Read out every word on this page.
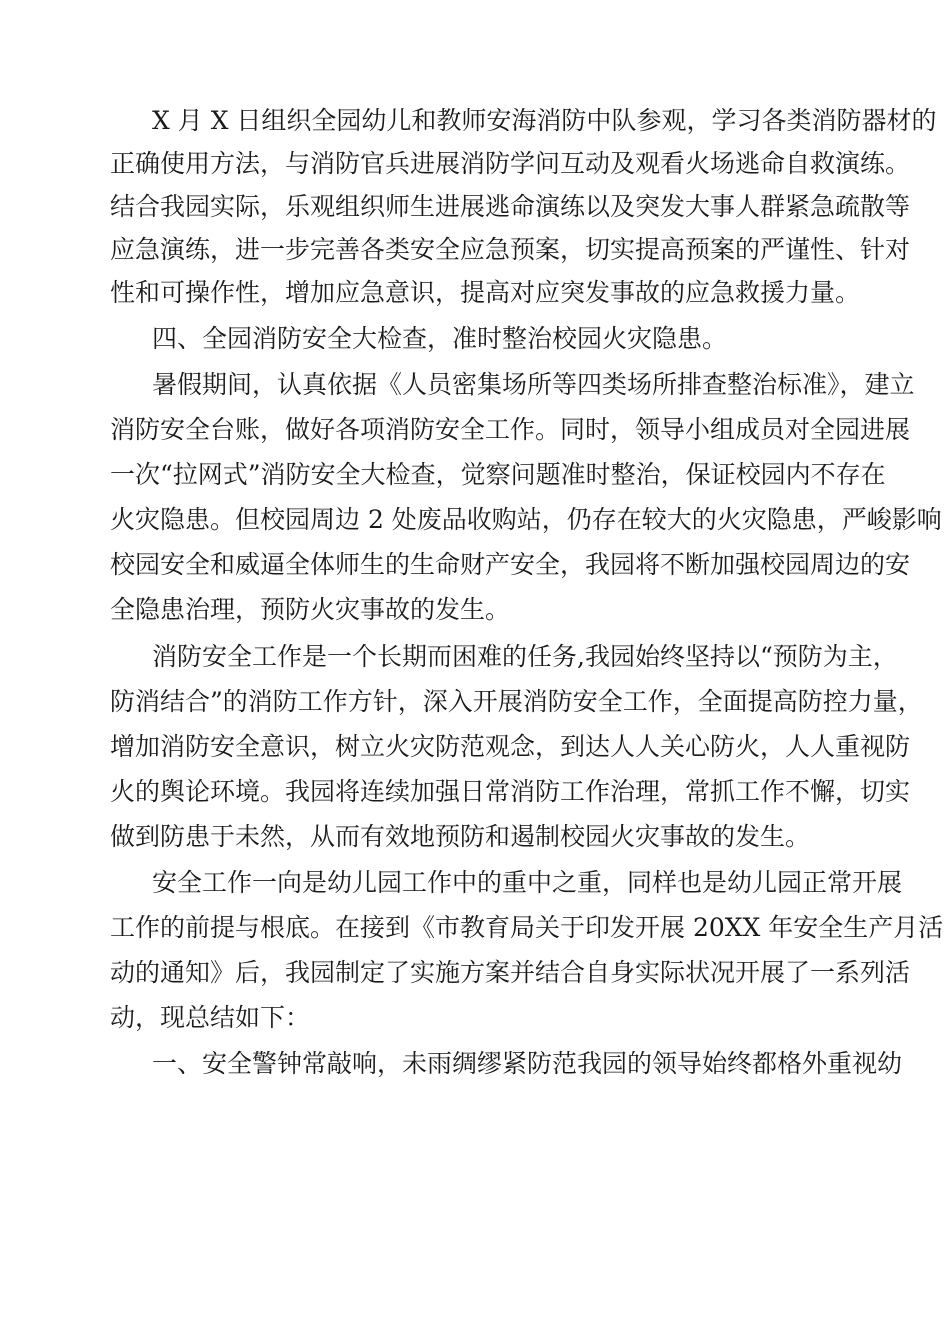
X 月 X 日组织全园幼儿和教师安海消防中队参观，学习各类消防器材的

正确使用方法，与消防官兵进展消防学问互动及观看火场逃命自救演练。

结合我园实际，乐观组织师生进展逃命演练以及突发大事人群紧急疏散等

应急演练，进一步完善各类安全应急预案，切实提高预案的严谨性、针对

性和可操作性，增加应急意识，提高对应突发事故的应急救援力量。

四、全园消防安全大检查，准时整治校园火灾隐患。

暑假期间，认真依据《人员密集场所等四类场所排查整治标准》，建立

消防安全台账，做好各项消防安全工作。同时，领导小组成员对全园进展

一次“拉网式”消防安全大检查，觉察问题准时整治，保证校园内不存在

火灾隐患。但校园周边 2 处废品收购站，仍存在较大的火灾隐患，严峻影响

校园安全和威逼全体师生的生命财产安全，我园将不断加强校园周边的安

全隐患治理，预防火灾事故的发生。

消防安全工作是一个长期而困难的任务,我园始终坚持以“预防为主，

防消结合”的消防工作方针，深入开展消防安全工作，全面提高防控力量，

增加消防安全意识，树立火灾防范观念，到达人人关心防火，人人重视防

火的舆论环境。我园将连续加强日常消防工作治理，常抓工作不懈，切实

做到防患于未然，从而有效地预防和遏制校园火灾事故的发生。

安全工作一向是幼儿园工作中的重中之重，同样也是幼儿园正常开展

工作的前提与根底。在接到《市教育局关于印发开展 20XX 年安全生产月活

动的通知》后，我园制定了实施方案并结合自身实际状况开展了一系列活

动，现总结如下：

一、安全警钟常敲响，未雨绸缪紧防范我园的领导始终都格外重视幼
